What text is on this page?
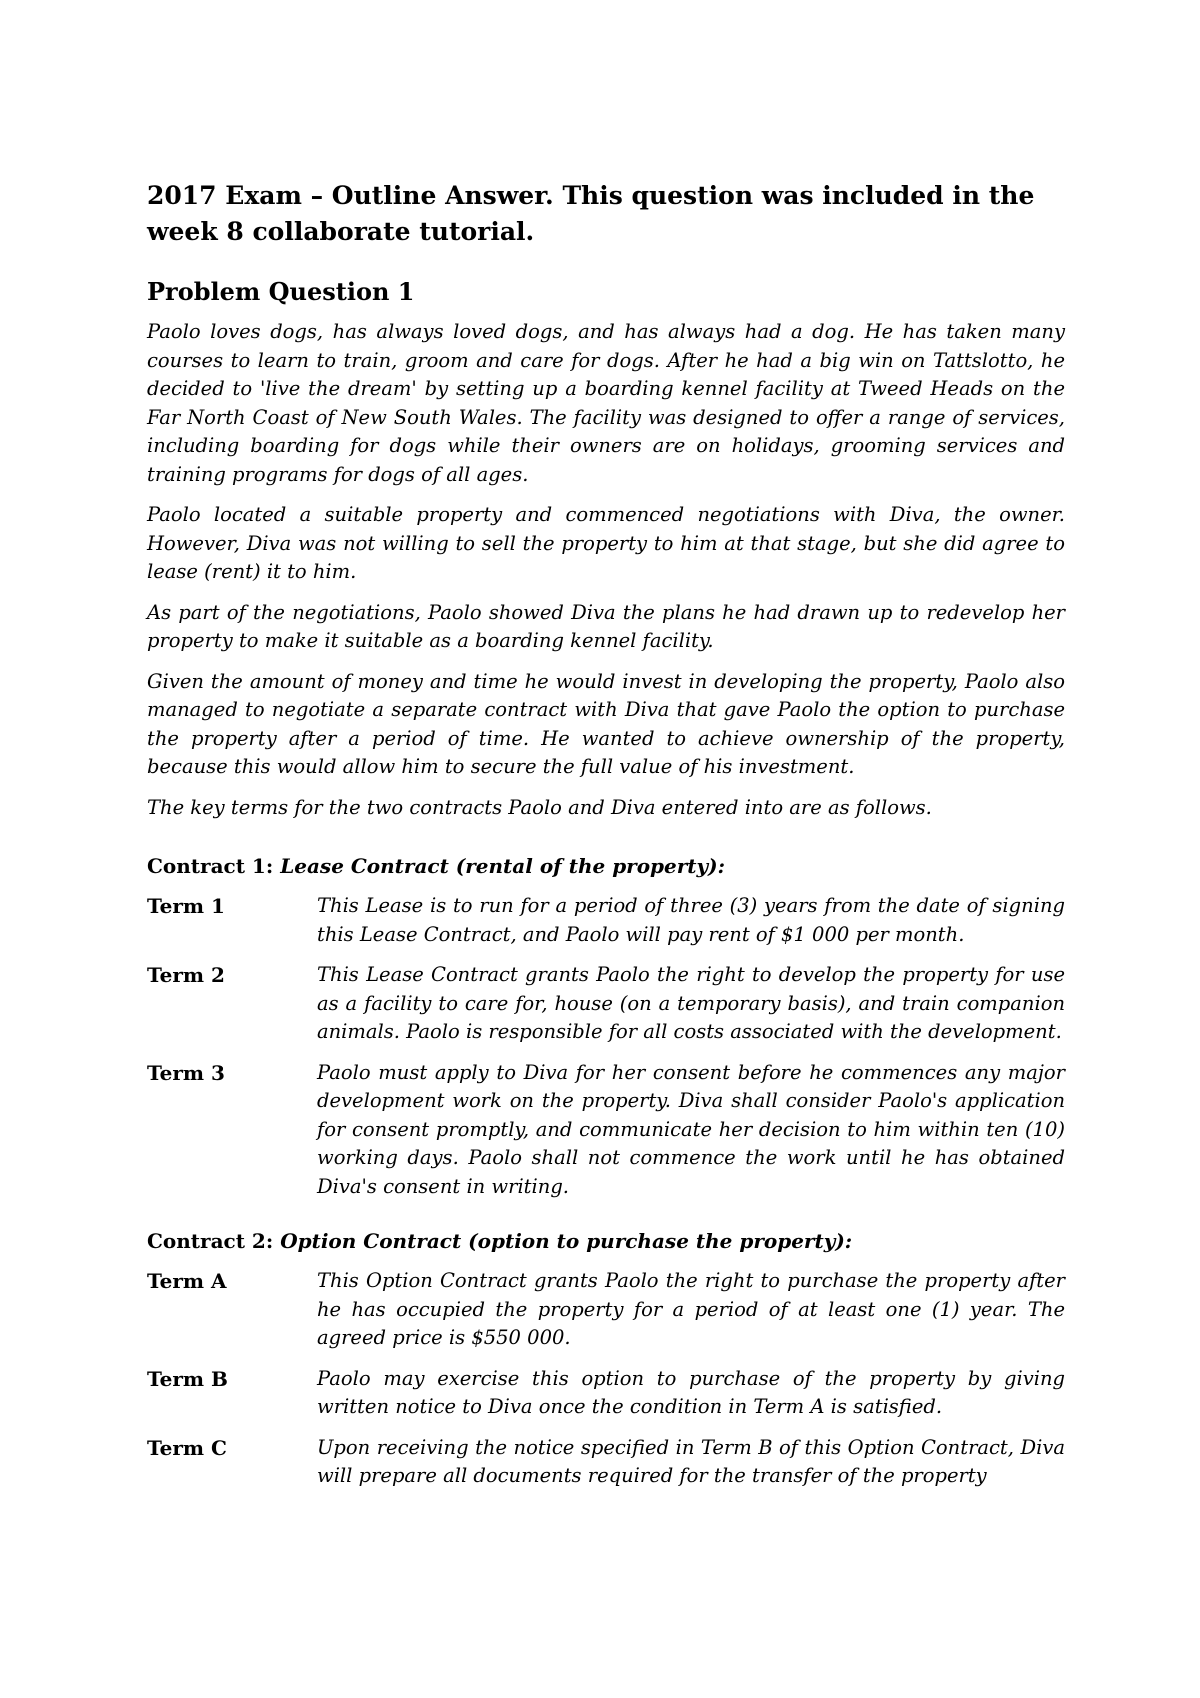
2017 Exam – Outline Answer. This question was included in the week 8 collaborate tutorial.
Problem Question 1

Paolo loves dogs, has always loved dogs, and has always had a dog. He has taken many courses to learn to train, groom and care for dogs. After he had a big win on Tattslotto, he decided to 'live the dream' by setting up a boarding kennel facility at Tweed Heads on the Far North Coast of New South Wales. The facility was designed to offer a range of services, including boarding for dogs while their owners are on holidays, grooming services and training programs for dogs of all ages.

Paolo located a suitable property and commenced negotiations with Diva, the owner. However, Diva was not willing to sell the property to him at that stage, but she did agree to lease (rent) it to him.

As part of the negotiations, Paolo showed Diva the plans he had drawn up to redevelop her property to make it suitable as a boarding kennel facility.

Given the amount of money and time he would invest in developing the property, Paolo also managed to negotiate a separate contract with Diva that gave Paolo the option to purchase the property after a period of time. He wanted to achieve ownership of the property, because this would allow him to secure the full value of his investment.

The key terms for the two contracts Paolo and Diva entered into are as follows.

Contract 1: Lease Contract (rental of the property):

Term 1	This Lease is to run for a period of three (3) years from the date of signing this Lease Contract, and Paolo will pay rent of $1 000 per month.
Term 2	This Lease Contract grants Paolo the right to develop the property for use as a facility to care for, house (on a temporary basis), and train companion animals. Paolo is responsible for all costs associated with the development.
Term 3	Paolo must apply to Diva for her consent before he commences any major development work on the property. Diva shall consider Paolo's application for consent promptly, and communicate her decision to him within ten (10) working days. Paolo shall not commence the work until he has obtained Diva's consent in writing.

Contract 2: Option Contract (option to purchase the property):

Term A	This Option Contract grants Paolo the right to purchase the property after he has occupied the property for a period of at least one (1) year. The agreed price is $550 000.
Term B	Paolo may exercise this option to purchase of the property by giving written notice to Diva once the condition in Term A is satisfied.
Term C	Upon receiving the notice specified in Term B of this Option Contract, Diva will prepare all documents required for the transfer of the property
